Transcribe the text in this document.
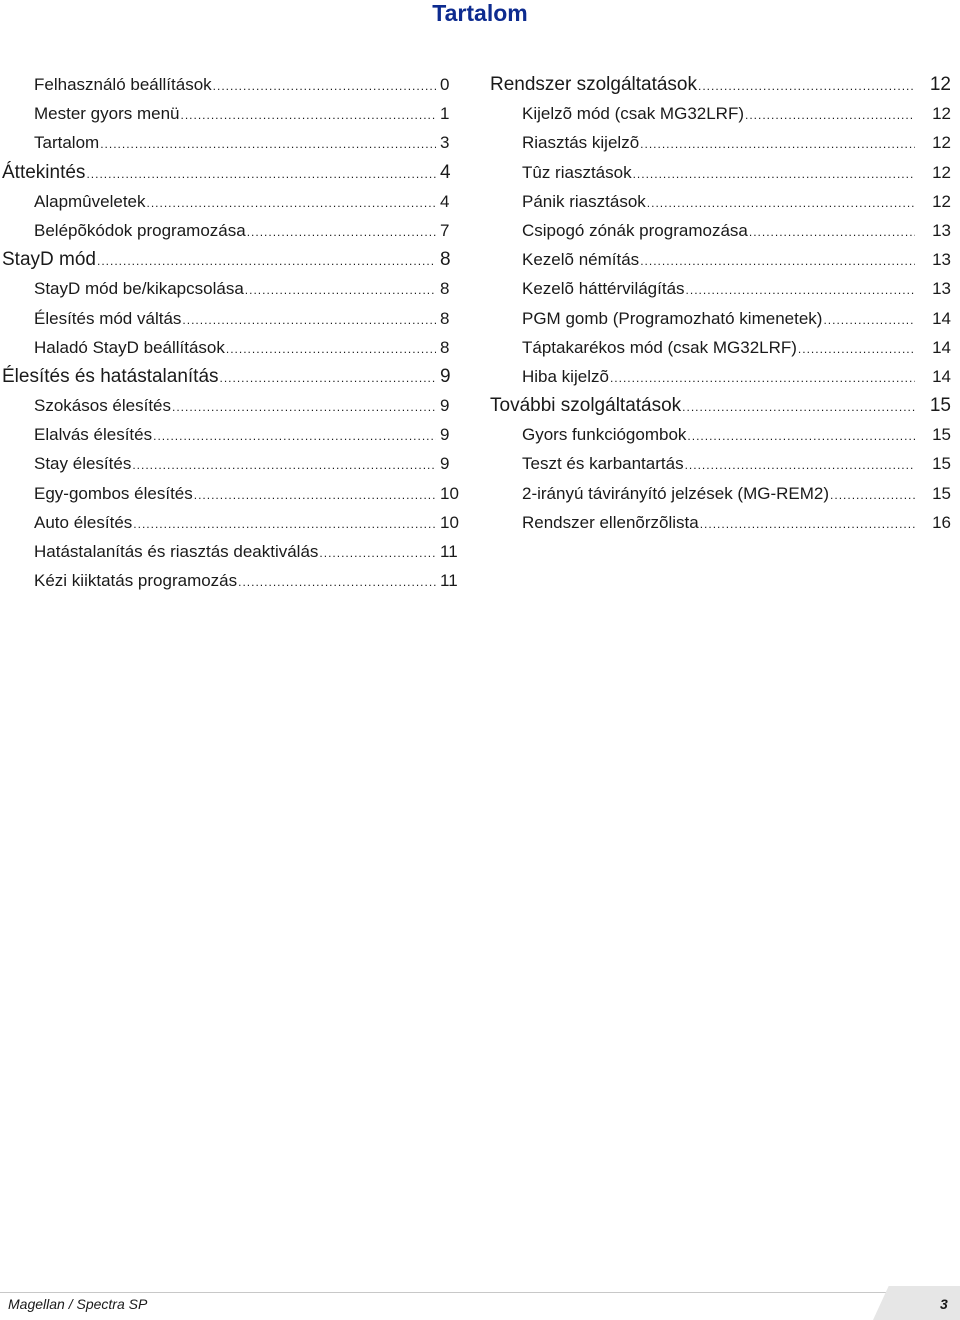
Tartalom
Felhasználó beállítások .....	0
Mester gyors menü .....	1
Tartalom .....	3
Áttekintés .....	4
Alapmûveletek .....	4
Belépõkódok programozása .....	7
StayD mód .....	8
StayD mód be/kikapcsolása .....	8
Élesítés mód váltás .....	8
Haladó StayD beállítások .....	8
Élesítés és hatástalanítás .....	9
Szokásos élesítés .....	9
Elalvás élesítés .....	9
Stay élesítés .....	9
Egy-gombos élesítés .....	10
Auto élesítés .....	10
Hatástalanítás és riasztás deaktiválás .....	11
Kézi kiiktatás programozás .....	11
Rendszer szolgáltatások .....	12
Kijelzõ mód (csak MG32LRF) .....	12
Riasztás kijelzõ .....	12
Tûz riasztások .....	12
Pánik riasztások .....	12
Csipogó zónák programozása .....	13
Kezelõ némítás .....	13
Kezelõ háttérvilágítás .....	13
PGM gomb (Programozható kimenetek) .....	14
Táptakarékos mód (csak MG32LRF) .....	14
Hiba kijelzõ .....	14
További szolgáltatások .....	15
Gyors funkciógombok .....	15
Teszt és karbantartás .....	15
2-irányú távirányító jelzések (MG-REM2) .....	15
Rendszer ellenõrzõlista .....	16
Magellan / Spectra SP	3
